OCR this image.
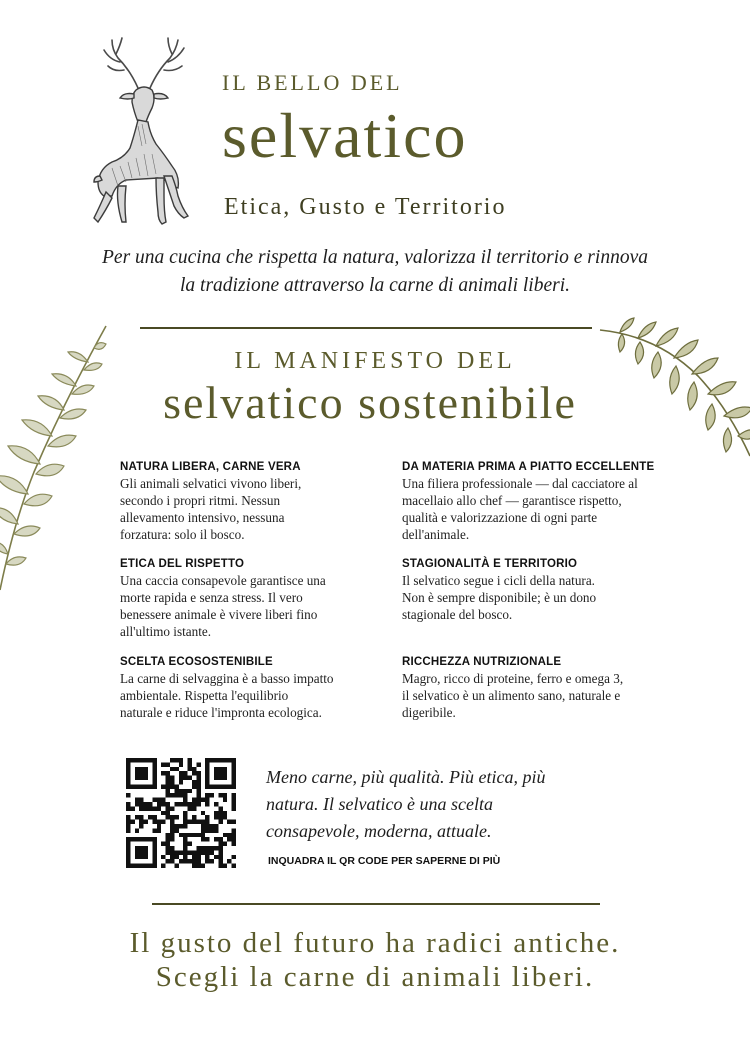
IL BELLO DEL
selvatico
Etica, Gusto e Territorio
Per una cucina che rispetta la natura, valorizza il territorio e rinnova
la tradizione attraverso la carne di animali liberi.
IL MANIFESTO DEL
selvatico sostenibile
NATURA LIBERA, CARNE VERA
Gli animali selvatici vivono liberi,
secondo i propri ritmi. Nessun
allevamento intensivo, nessuna
forzatura: solo il bosco.
DA MATERIA PRIMA A PIATTO ECCELLENTE
Una filiera professionale — dal cacciatore al
macellaio allo chef — garantisce rispetto,
qualità e valorizzazione di ogni parte
dell'animale.
ETICA DEL RISPETTO
Una caccia consapevole garantisce una
morte rapida e senza stress. Il vero
benessere animale è vivere liberi fino
all'ultimo istante.
STAGIONALITÀ E TERRITORIO
Il selvatico segue i cicli della natura.
Non è sempre disponibile; è un dono
stagionale del bosco.
SCELTA ECOSOSTENIBILE
La carne di selvaggina è a basso impatto
ambientale. Rispetta l'equilibrio
naturale e riduce l'impronta ecologica.
RICCHEZZA NUTRIZIONALE
Magro, ricco di proteine, ferro e omega 3,
il selvatico è un alimento sano, naturale e
digeribile.
Meno carne, più qualità. Più etica, più
natura. Il selvatico è una scelta
consapevole, moderna, attuale.
INQUADRA IL QR CODE PER SAPERNE DI PIÙ
Il gusto del futuro ha radici antiche.
Scegli la carne di animali liberi.
